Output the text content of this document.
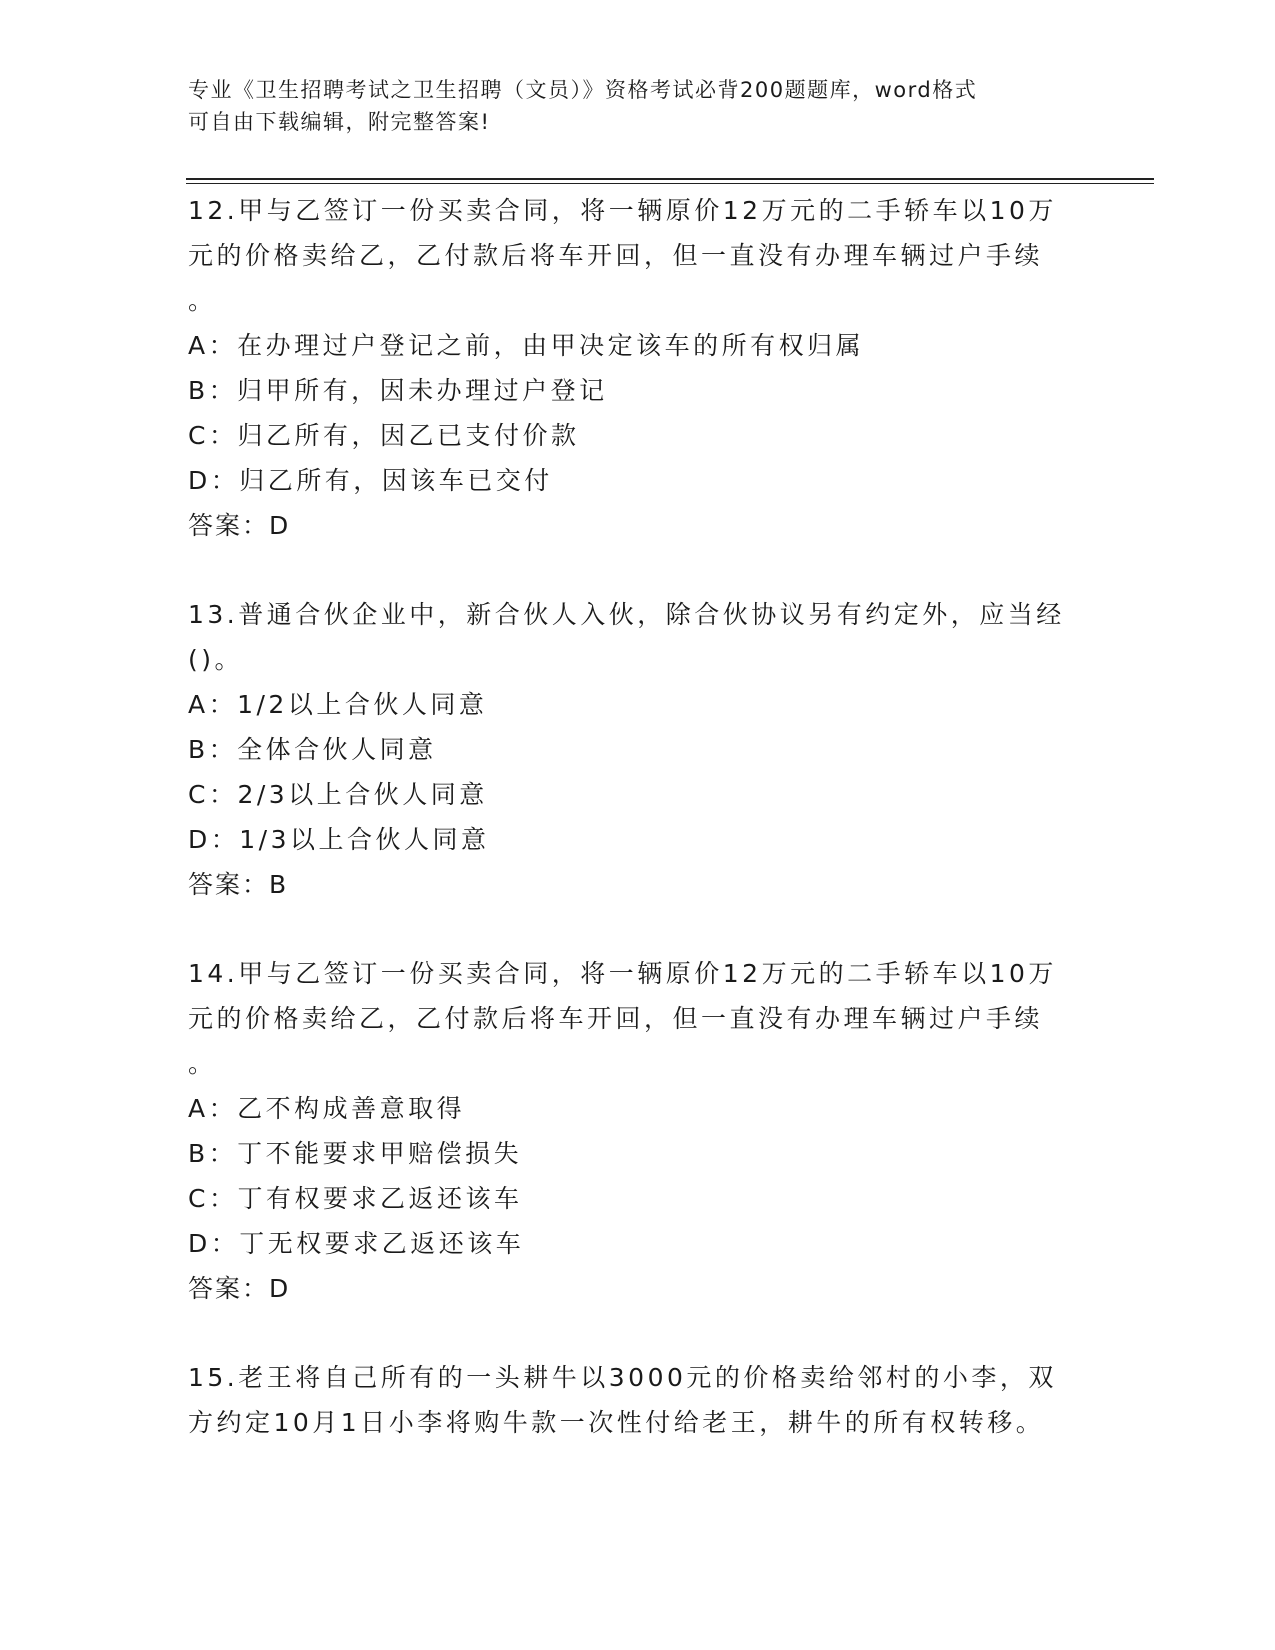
专业《卫生招聘考试之卫生招聘（文员）》资格考试必背200题题库，word格式
可自由下载编辑，附完整答案!
12.甲与乙签订一份买卖合同，将一辆原价12万元的二手轿车以10万
元的价格卖给乙，乙付款后将车开回，但一直没有办理车辆过户手续
。
A：在办理过户登记之前，由甲决定该车的所有权归属
B：归甲所有，因未办理过户登记
C：归乙所有，因乙已支付价款
D：归乙所有，因该车已交付
答案：D
13.普通合伙企业中，新合伙人入伙，除合伙协议另有约定外，应当经
()。
A：1/2以上合伙人同意
B：全体合伙人同意
C：2/3以上合伙人同意
D：1/3以上合伙人同意
答案：B
14.甲与乙签订一份买卖合同，将一辆原价12万元的二手轿车以10万
元的价格卖给乙，乙付款后将车开回，但一直没有办理车辆过户手续
。
A：乙不构成善意取得
B：丁不能要求甲赔偿损失
C：丁有权要求乙返还该车
D：丁无权要求乙返还该车
答案：D
15.老王将自己所有的一头耕牛以3000元的价格卖给邻村的小李，双
方约定10月1日小李将购牛款一次性付给老王，耕牛的所有权转移。
